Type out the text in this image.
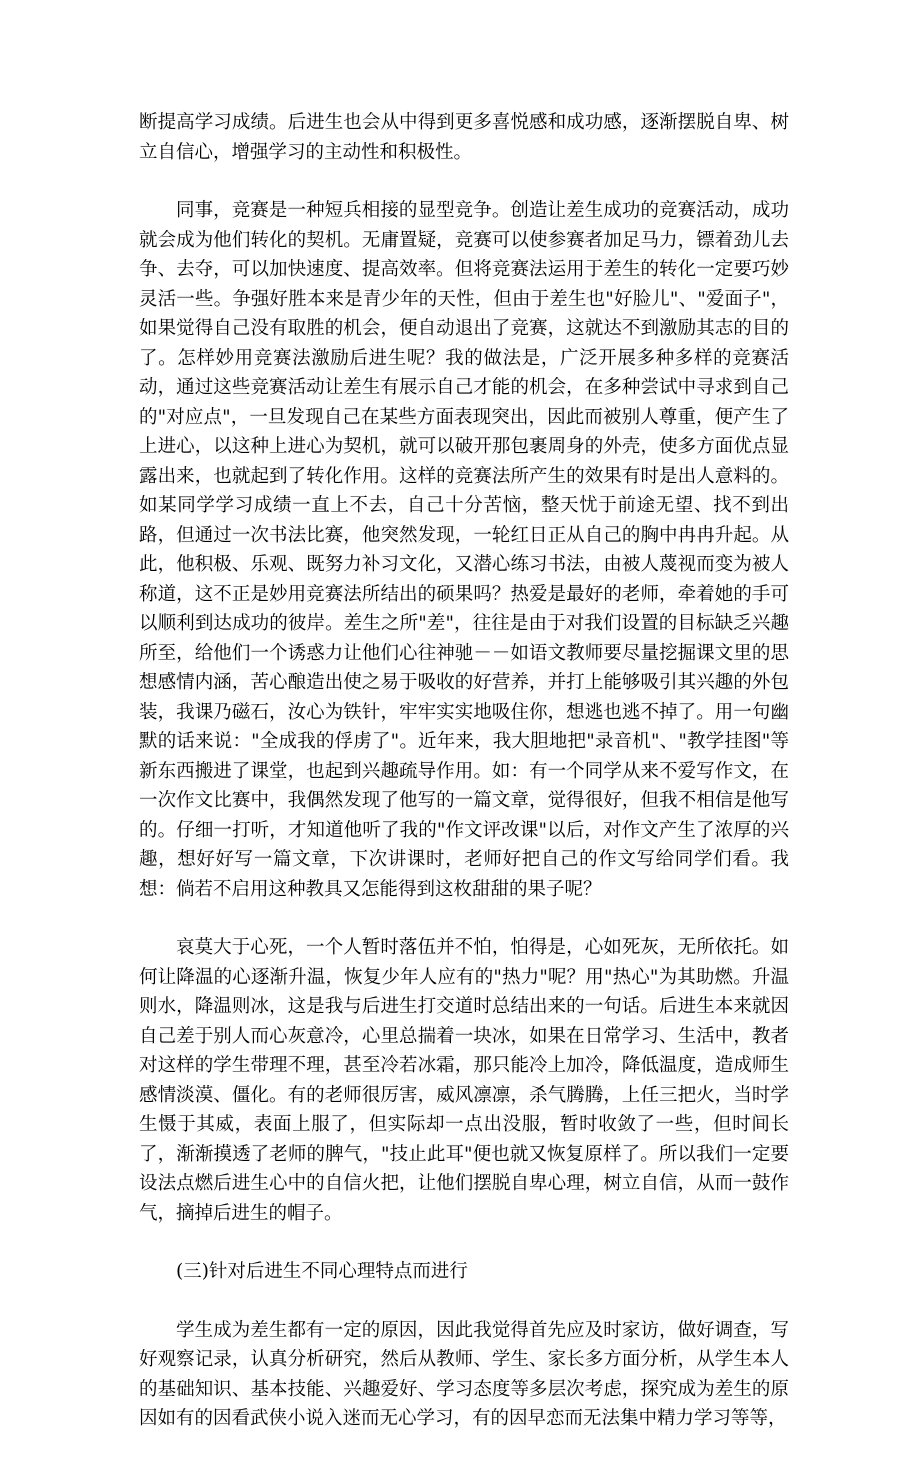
断提高学习成绩。后进生也会从中得到更多喜悦感和成功感，逐渐摆脱自卑、树立自信心，增强学习的主动性和积极性。

同事，竞赛是一种短兵相接的显型竞争。创造让差生成功的竞赛活动，成功就会成为他们转化的契机。无庸置疑，竞赛可以使参赛者加足马力，镖着劲儿去争、去夺，可以加快速度、提高效率。但将竞赛法运用于差生的转化一定要巧妙灵活一些。争强好胜本来是青少年的天性，但由于差生也"好脸儿"、"爱面子"，如果觉得自己没有取胜的机会，便自动退出了竞赛，这就达不到激励其志的目的了。怎样妙用竞赛法激励后进生呢？我的做法是，广泛开展多种多样的竞赛活动，通过这些竞赛活动让差生有展示自己才能的机会，在多种尝试中寻求到自己的"对应点"，一旦发现自己在某些方面表现突出，因此而被别人尊重，便产生了上进心，以这种上进心为契机，就可以破开那包裹周身的外壳，使多方面优点显露出来，也就起到了转化作用。这样的竞赛法所产生的效果有时是出人意料的。如某同学学习成绩一直上不去，自己十分苦恼，整天忧于前途无望、找不到出路，但通过一次书法比赛，他突然发现，一轮红日正从自己的胸中冉冉升起。从此，他积极、乐观、既努力补习文化，又潜心练习书法，由被人蔑视而变为被人称道，这不正是妙用竞赛法所结出的硕果吗？热爱是最好的老师，牵着她的手可以顺利到达成功的彼岸。差生之所"差"，往往是由于对我们设置的目标缺乏兴趣所至，给他们一个诱惑力让他们心往神驰－－如语文教师要尽量挖掘课文里的思想感情内涵，苦心酿造出使之易于吸收的好营养，并打上能够吸引其兴趣的外包装，我课乃磁石，汝心为铁针，牢牢实实地吸住你，想逃也逃不掉了。用一句幽默的话来说："全成我的俘虏了"。近年来，我大胆地把"录音机"、"教学挂图"等新东西搬进了课堂，也起到兴趣疏导作用。如：有一个同学从来不爱写作文，在一次作文比赛中，我偶然发现了他写的一篇文章，觉得很好，但我不相信是他写的。仔细一打听，才知道他听了我的"作文评改课"以后，对作文产生了浓厚的兴趣，想好好写一篇文章，下次讲课时，老师好把自己的作文写给同学们看。我想：倘若不启用这种教具又怎能得到这枚甜甜的果子呢？

哀莫大于心死，一个人暂时落伍并不怕，怕得是，心如死灰，无所依托。如何让降温的心逐渐升温，恢复少年人应有的"热力"呢？用"热心"为其助燃。升温则水，降温则冰，这是我与后进生打交道时总结出来的一句话。后进生本来就因自己差于别人而心灰意冷，心里总揣着一块冰，如果在日常学习、生活中，教者对这样的学生带理不理，甚至冷若冰霜，那只能冷上加冷，降低温度，造成师生感情淡漠、僵化。有的老师很厉害，威风凛凛，杀气腾腾，上任三把火，当时学生慑于其威，表面上服了，但实际却一点出没服，暂时收敛了一些，但时间长了，渐渐摸透了老师的脾气，"技止此耳"便也就又恢复原样了。所以我们一定要设法点燃后进生心中的自信火把，让他们摆脱自卑心理，树立自信，从而一鼓作气，摘掉后进生的帽子。

(三)针对后进生不同心理特点而进行

学生成为差生都有一定的原因，因此我觉得首先应及时家访，做好调查，写好观察记录，认真分析研究，然后从教师、学生、家长多方面分析，从学生本人的基础知识、基本技能、兴趣爱好、学习态度等多层次考虑，探究成为差生的原因如有的因看武侠小说入迷而无心学习，有的因早恋而无法集中精力学习等等，
